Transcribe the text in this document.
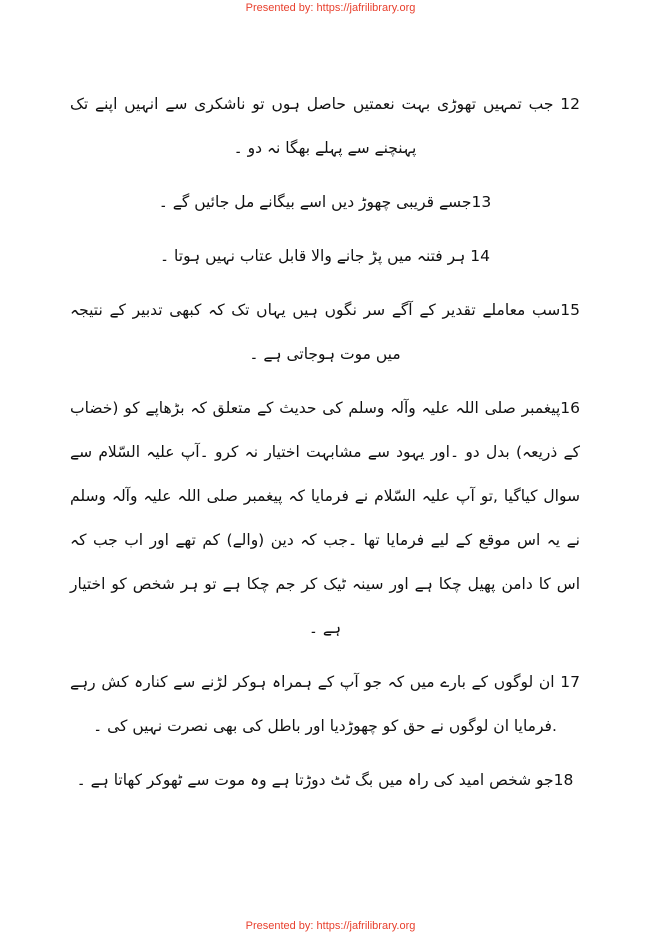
Presented by: https://jafrilibrary.org

12 جب تمہیں تھوڑی بہت نعمتیں حاصل ہوں تو ناشکری سے انہیں اپنے تک پہنچنے سے پہلے بھگا نہ دو ۔

13جسے قریبی چھوڑ دیں اسے بیگانے مل جائیں گے ۔

14 ہر فتنہ میں پڑ جانے والا قابل عتاب نہیں ہوتا ۔

15سب معاملے تقدیر کے آگے سر نگوں ہیں یہاں تک کہ کبھی تدبیر کے نتیجہ میں موت ہوجاتی ہے ۔

16پیغمبر صلی اللہ علیہ وآلہ وسلم کی حدیث کے متعلق کہ بڑھاپے کو (خضاب کے ذریعہ) بدل دو ۔اور یہود سے مشابہت اختیار نہ کرو ۔آپ علیہ السّلام سے سوال کیاگیا ,تو آپ علیہ السّلام نے فرمایا کہ پیغمبر صلی اللہ علیہ وآلہ وسلم نے یہ اس موقع کے لیے فرمایا تھا ۔جب کہ دین (والے) کم تھے اور اب جب کہ اس کا دامن پھیل چکا ہے اور سینہ ٹیک کر جم چکا ہے تو ہر شخص کو اختیار ہے ۔

17 ان لوگوں کے بارے میں کہ جو آپ کے ہمراہ ہوکر لڑنے سے کنارہ کش رہے .فرمایا ان لوگوں نے حق کو چھوڑدیا اور باطل کی بھی نصرت نہیں کی ۔

18جو شخص امید کی راہ میں بگ ٹٹ دوڑتا ہے وہ موت سے ٹھوکر کھاتا ہے ۔

Presented by: https://jafrilibrary.org
